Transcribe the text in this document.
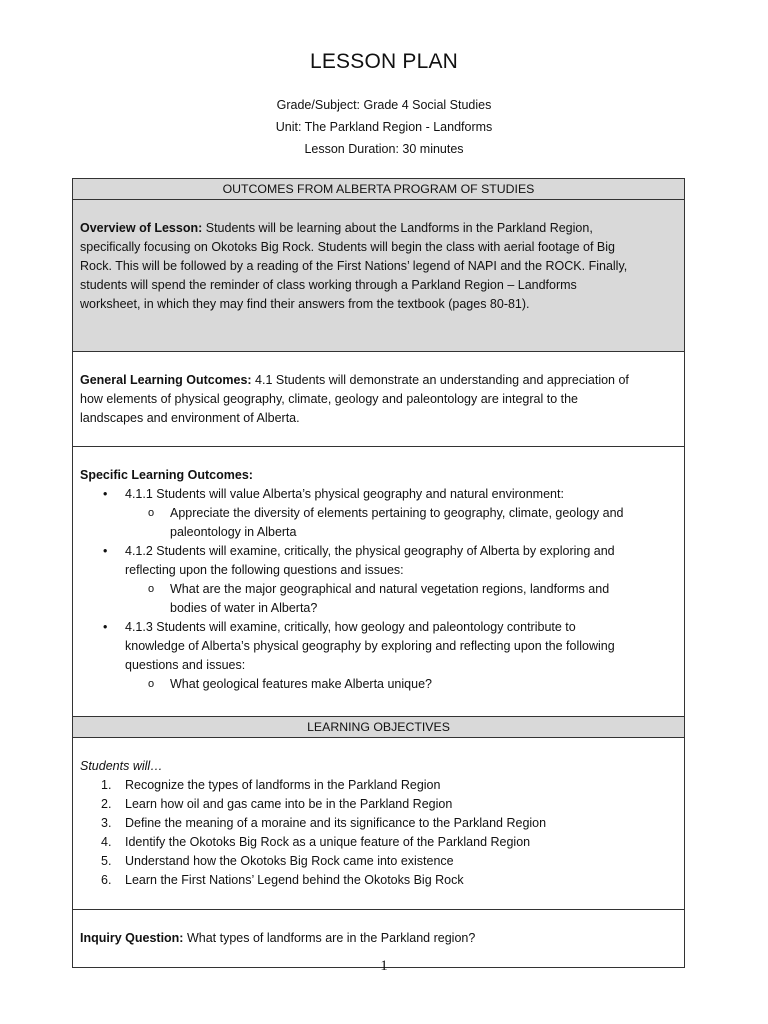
LESSON PLAN
Grade/Subject: Grade 4 Social Studies
Unit: The Parkland Region - Landforms
Lesson Duration: 30 minutes
OUTCOMES FROM ALBERTA PROGRAM OF STUDIES
Overview of Lesson: Students will be learning about the Landforms in the Parkland Region,
specifically focusing on Okotoks Big Rock. Students will begin the class with aerial footage of Big
Rock. This will be followed by a reading of the First Nations’ legend of NAPI and the ROCK. Finally,
students will spend the reminder of class working through a Parkland Region – Landforms
worksheet, in which they may find their answers from the textbook (pages 80-81).
General Learning Outcomes: 4.1 Students will demonstrate an understanding and appreciation of
how elements of physical geography, climate, geology and paleontology are integral to the
landscapes and environment of Alberta.
Specific Learning Outcomes:
• 4.1.1 Students will value Alberta’s physical geography and natural environment:
o Appreciate the diversity of elements pertaining to geography, climate, geology and
paleontology in Alberta
• 4.1.2 Students will examine, critically, the physical geography of Alberta by exploring and
reflecting upon the following questions and issues:
o What are the major geographical and natural vegetation regions, landforms and
bodies of water in Alberta?
• 4.1.3 Students will examine, critically, how geology and paleontology contribute to
knowledge of Alberta’s physical geography by exploring and reflecting upon the following
questions and issues:
o What geological features make Alberta unique?

LEARNING OBJECTIVES
Students will…
1. Recognize the types of landforms in the Parkland Region
2. Learn how oil and gas came into be in the Parkland Region
3. Define the meaning of a moraine and its significance to the Parkland Region
4. Identify the Okotoks Big Rock as a unique feature of the Parkland Region
5. Understand how the Okotoks Big Rock came into existence
6. Learn the First Nations’ Legend behind the Okotoks Big Rock

Inquiry Question: What types of landforms are in the Parkland region?
1
